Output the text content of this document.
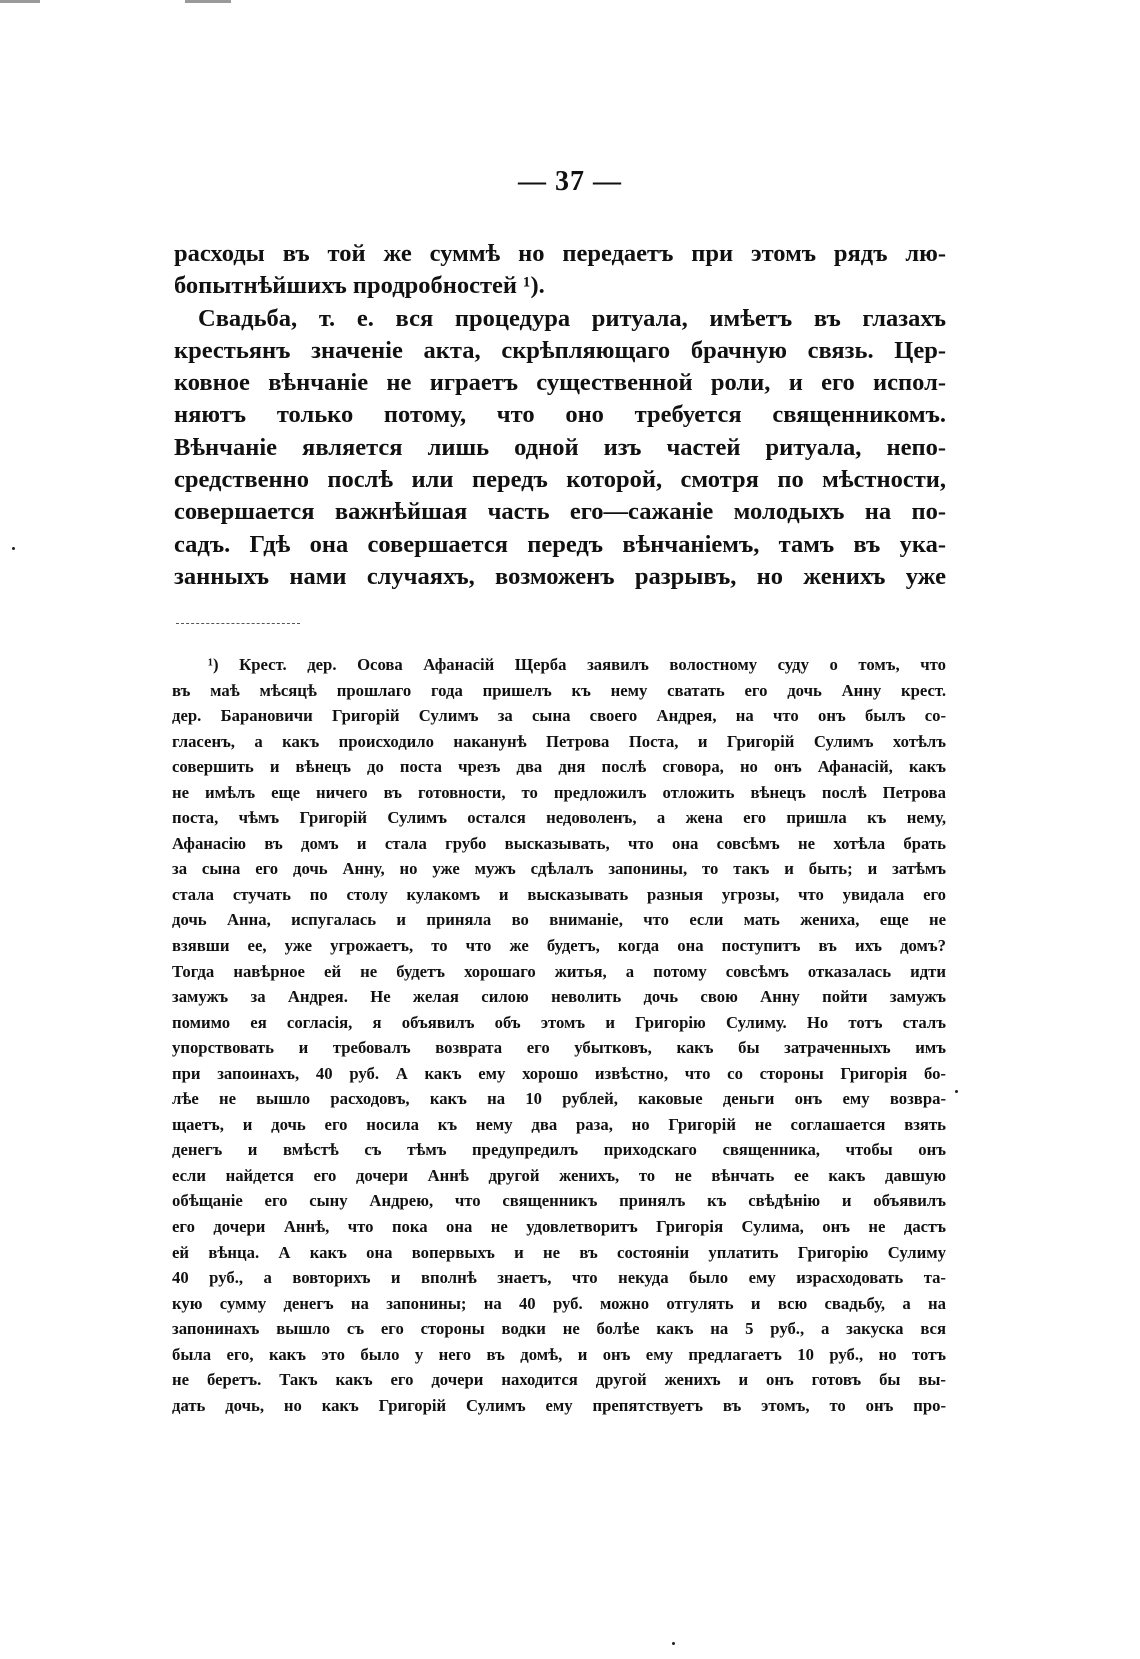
— 37 —
расходы въ той же суммѣ но передаетъ при этомъ рядъ лю-
бопытнѣйшихъ продробностей ¹).
Свадьба, т. е. вся процедура ритуала, имѣетъ въ глазахъ
крестьянъ значеніе акта, скрѣпляющаго брачную связь. Цер-
ковное вѣнчаніе не играетъ существенной роли, и его испол-
няютъ только потому, что оно требуется священникомъ.
Вѣнчаніе является лишь одной изъ частей ритуала, непо-
средственно послѣ или передъ которой, смотря по мѣстности,
совершается важнѣйшая часть его—сажаніе молодыхъ на по-
садъ. Гдѣ она совершается передъ вѣнчаніемъ, тамъ въ ука-
занныхъ нами случаяхъ, возможенъ разрывъ, но женихъ уже
¹) Крест. дер. Осова Афанасій Щерба заявилъ волостному суду о томъ, что
въ маѣ мѣсяцѣ прошлаго года пришелъ къ нему сватать его дочь Анну крест.
дер. Барановичи Григорій Сулимъ за сына своего Андрея, на что онъ былъ со-
гласенъ, а какъ происходило наканунѣ Петрова Поста, и Григорій Сулимъ хотѣлъ
совершить и вѣнецъ до поста чрезъ два дня послѣ сговора, но онъ Афанасій, какъ
не имѣлъ еще ничего въ готовности, то предложилъ отложить вѣнецъ послѣ Петрова
поста, чѣмъ Григорій Сулимъ остался недоволенъ, а жена его пришла къ нему,
Афанасію въ домъ и стала грубо высказывать, что она совсѣмъ не хотѣла брать
за сына его дочь Анну, но уже мужъ сдѣлалъ запонины, то такъ и быть; и затѣмъ
стала стучать по столу кулакомъ и высказывать разныя угрозы, что увидала его
дочь Анна, испугалась и приняла во вниманіе, что если мать жениха, еще не
взявши ее, уже угрожаетъ, то что же будетъ, когда она поступитъ въ ихъ домъ?
Тогда навѣрное ей не будетъ хорошаго житья, а потому совсѣмъ отказалась идти
замужъ за Андрея. Не желая силою неволить дочь свою Анну пойти замужъ
помимо ея согласія, я объявилъ объ этомъ и Григорію Сулиму. Но тотъ сталъ
упорствовать и требовалъ возврата его убытковъ, какъ бы затраченныхъ имъ
при запоинахъ, 40 руб. А какъ ему хорошо извѣстно, что со стороны Григорія бо-
лѣе не вышло расходовъ, какъ на 10 рублей, каковые деньги онъ ему возвра-
щаетъ, и дочь его носила къ нему два раза, но Григорій не соглашается взять
денегъ и вмѣстѣ съ тѣмъ предупредилъ приходскаго священника, чтобы онъ
если найдется его дочери Аннѣ другой женихъ, то не вѣнчать ее какъ давшую
обѣщаніе его сыну Андрею, что священникъ принялъ къ свѣдѣнію и объявилъ
его дочери Аннѣ, что пока она не удовлетворитъ Григорія Сулима, онъ не дастъ
ей вѣнца. А какъ она вопервыхъ и не въ состояніи уплатить Григорію Сулиму
40 руб., а вовторихъ и вполнѣ знаетъ, что некуда было ему израсходовать та-
кую сумму денегъ на запонины; на 40 руб. можно отгулять и всю свадьбу, а на
запонинахъ вышло съ его стороны водки не болѣе какъ на 5 руб., а закуска вся
была его, какъ это было у него въ домѣ, и онъ ему предлагаетъ 10 руб., но тотъ
не беретъ. Такъ какъ его дочери находится другой женихъ и онъ готовъ бы вы-
дать дочь, но какъ Григорій Сулимъ ему препятствуетъ въ этомъ, то онъ про-
